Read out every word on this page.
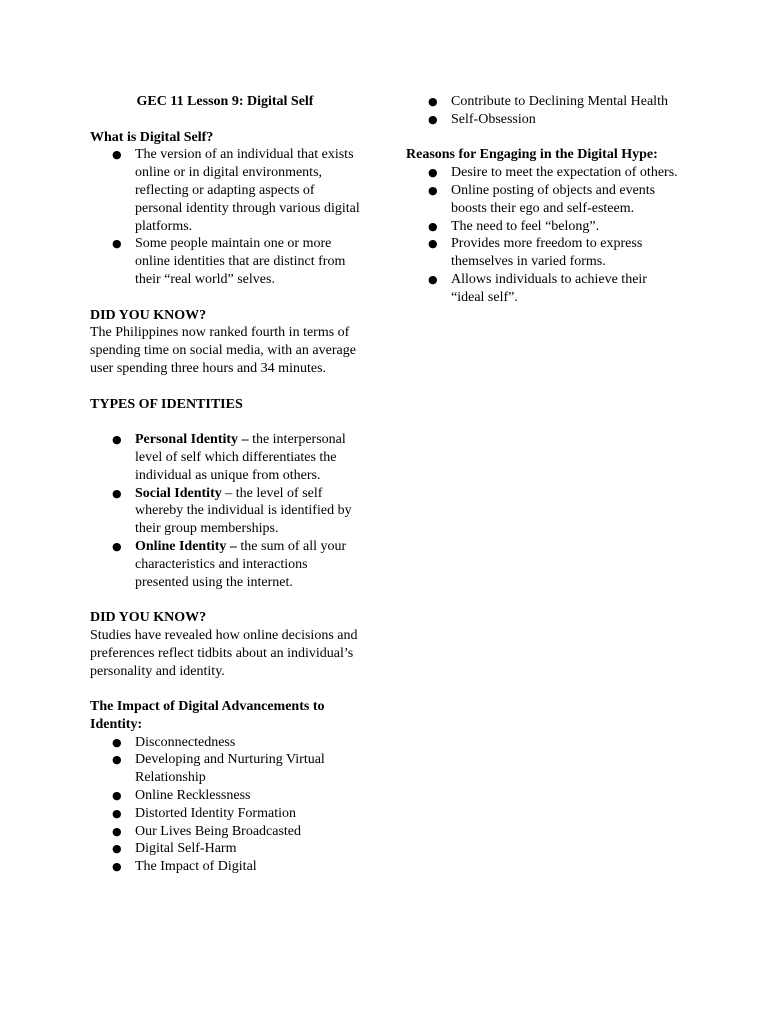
GEC 11 Lesson 9: Digital Self

What is Digital Self?

● The version of an individual that exists online or in digital environments, reflecting or adapting aspects of personal identity through various digital platforms.
● Some people maintain one or more online identities that are distinct from their “real world” selves.

DID YOU KNOW?

The Philippines now ranked fourth in terms of spending time on social media, with an average user spending three hours and 34 minutes.

TYPES OF IDENTITIES

● Personal Identity – the interpersonal level of self which differentiates the individual as unique from others.
● Social Identity – the level of self whereby the individual is identified by their group memberships.
● Online Identity – the sum of all your characteristics and interactions presented using the internet.

DID YOU KNOW?

Studies have revealed how online decisions and preferences reflect tidbits about an individual’s personality and identity.

The Impact of Digital Advancements to Identity:

● Disconnectedness
● Developing and Nurturing Virtual Relationship
● Online Recklessness
● Distorted Identity Formation
● Our Lives Being Broadcasted
● Digital Self-Harm
● The Impact of Digital
● Contribute to Declining Mental Health
● Self-Obsession

Reasons for Engaging in the Digital Hype:

● Desire to meet the expectation of others.
● Online posting of objects and events boosts their ego and self-esteem.
● The need to feel “belong”.
● Provides more freedom to express themselves in varied forms.
● Allows individuals to achieve their “ideal self”.
